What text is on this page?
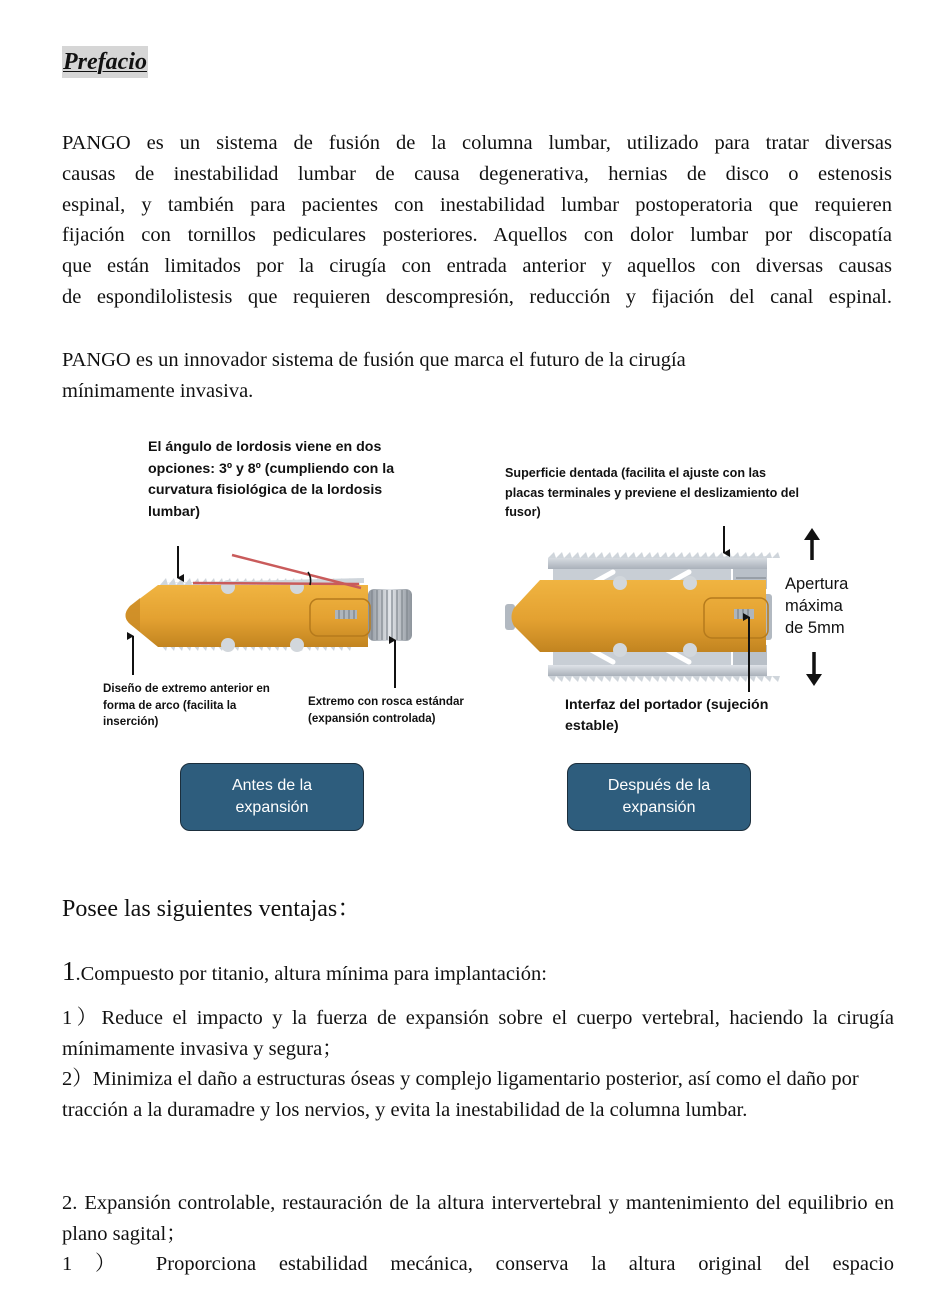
Prefacio
PANGO es un sistema de fusión de la columna lumbar, utilizado para tratar diversas
causas de inestabilidad lumbar de causa degenerativa, hernias de disco o estenosis
espinal, y también para pacientes con inestabilidad lumbar postoperatoria que requieren
fijación con tornillos pediculares posteriores. Aquellos con dolor lumbar por discopatía
que están limitados por la cirugía con entrada anterior y aquellos con diversas causas
de espondilolistesis que requieren descompresión, reducción y fijación del canal espinal.
PANGO es un innovador sistema de fusión que marca el futuro de la cirugía
mínimamente invasiva.
El ángulo de lordosis viene en dos opciones: 3º y 8º (cumpliendo con la curvatura fisiológica de la lordosis lumbar)
Superficie dentada (facilita el ajuste con las placas terminales y previene el deslizamiento del fusor)
Diseño de extremo anterior en forma de arco (facilita la inserción)
Extremo con rosca estándar (expansión controlada)
Interfaz del portador (sujeción estable)
Apertura máxima de 5mm
Antes de la expansión
Después de la expansión
Posee las siguientes ventajas：
1.Compuesto por titanio, altura mínima para implantación:
1）Reduce el impacto y la fuerza de expansión sobre el cuerpo vertebral, haciendo la cirugía mínimamente invasiva y segura；
2）Minimiza el daño a estructuras óseas y complejo ligamentario posterior, así como el daño por tracción a la duramadre y los nervios, y evita la inestabilidad de la columna lumbar.
2. Expansión controlable, restauración de la altura intervertebral y mantenimiento del equilibrio en plano sagital；
1 ） Proporciona estabilidad mecánica, conserva la altura original del espacio
